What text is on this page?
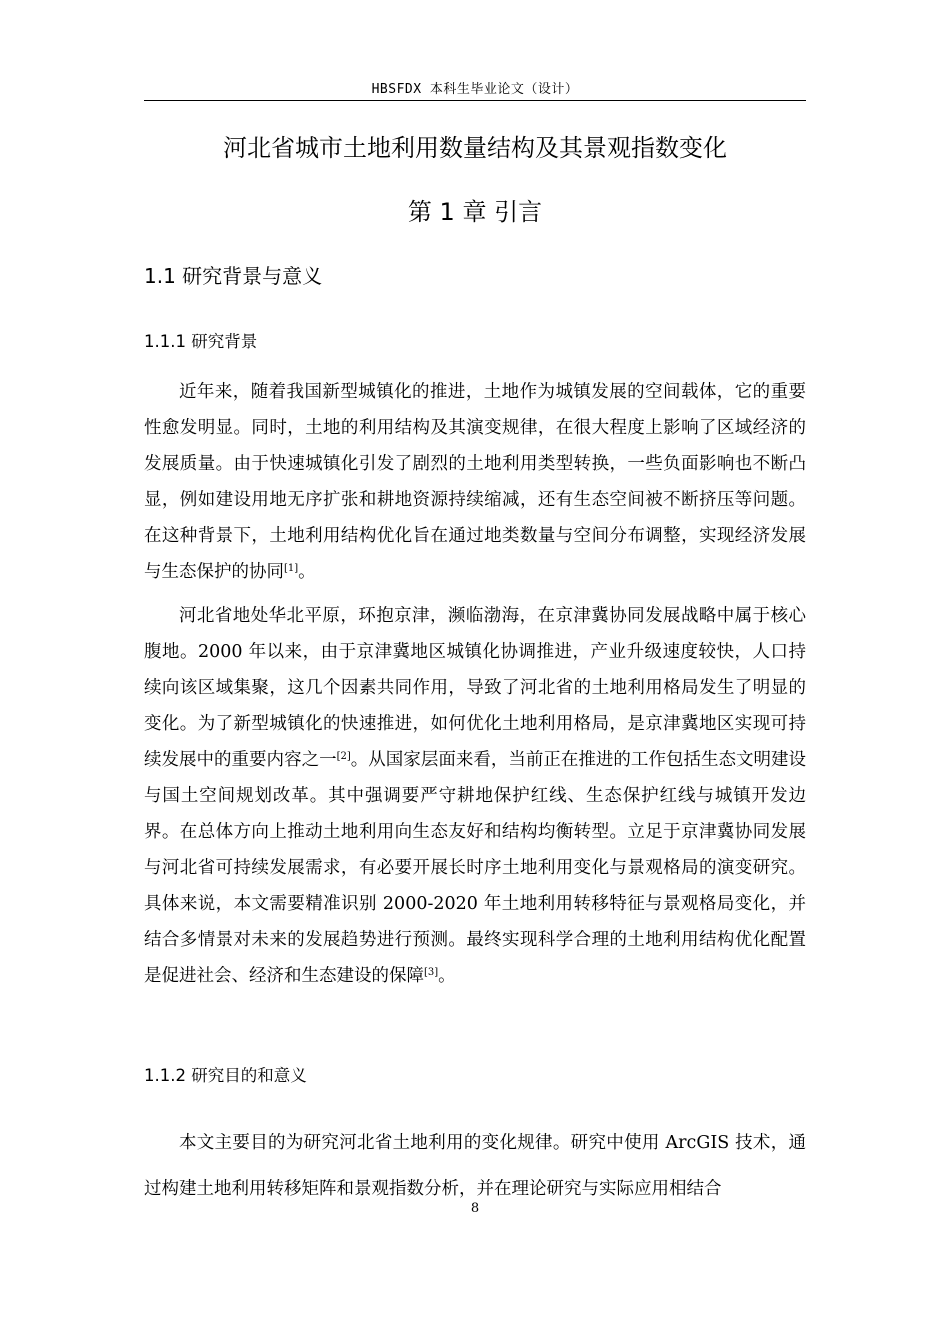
HBSFDX 本科生毕业论文（设计）
河北省城市土地利用数量结构及其景观指数变化
第 1 章 引言
1.1 研究背景与意义
1.1.1 研究背景

近年来，随着我国新型城镇化的推进，土地作为城镇发展的空间载体，它的重要性愈发明显。同时，土地的利用结构及其演变规律，在很大程度上影响了区域经济的发展质量。由于快速城镇化引发了剧烈的土地利用类型转换，一些负面影响也不断凸显，例如建设用地无序扩张和耕地资源持续缩减，还有生态空间被不断挤压等问题。在这种背景下，土地利用结构优化旨在通过地类数量与空间分布调整，实现经济发展与生态保护的协同[1]。

河北省地处华北平原，环抱京津，濒临渤海，在京津冀协同发展战略中属于核心腹地。2000 年以来，由于京津冀地区城镇化协调推进，产业升级速度较快，人口持续向该区域集聚，这几个因素共同作用，导致了河北省的土地利用格局发生了明显的变化。为了新型城镇化的快速推进，如何优化土地利用格局，是京津冀地区实现可持续发展中的重要内容之一[2]。从国家层面来看，当前正在推进的工作包括生态文明建设与国土空间规划改革。其中强调要严守耕地保护红线、生态保护红线与城镇开发边界。在总体方向上推动土地利用向生态友好和结构均衡转型。立足于京津冀协同发展与河北省可持续发展需求，有必要开展长时序土地利用变化与景观格局的演变研究。具体来说，本文需要精准识别 2000-2020 年土地利用转移特征与景观格局变化，并结合多情景对未来的发展趋势进行预测。最终实现科学合理的土地利用结构优化配置是促进社会、经济和生态建设的保障[3]。

1.1.2 研究目的和意义

本文主要目的为研究河北省土地利用的变化规律。研究中使用 ArcGIS 技术，通过构建土地利用转移矩阵和景观指数分析，并在理论研究与实际应用相结合

8
